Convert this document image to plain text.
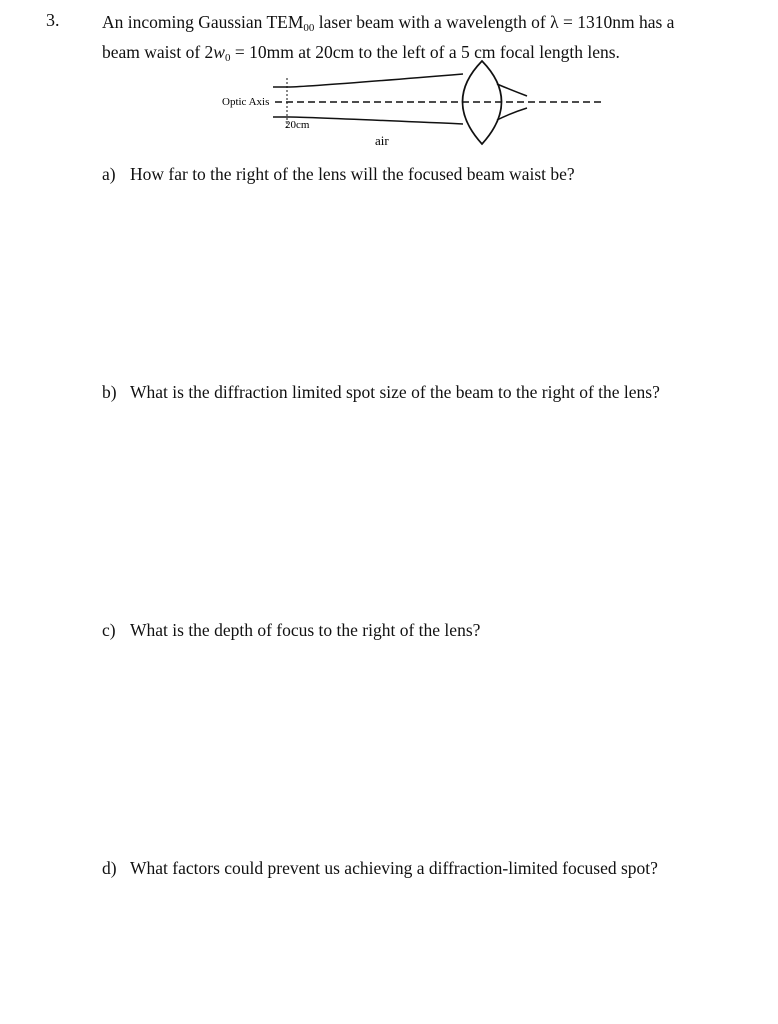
3. An incoming Gaussian $TEM_{00}$ laser beam with a wavelength of λ = 1310nm has a
beam waist of $2w_0 = 10mm$ at 20cm to the left of a 5 cm focal length lens.
Optic Axis
20cm
air
a) How far to the right of the lens will the focused beam waist be?
b) What is the diffraction limited spot size of the beam to the right of the lens?
c) What is the depth of focus to the right of the lens?
d) What factors could prevent us achieving a diffraction-limited focused spot?
